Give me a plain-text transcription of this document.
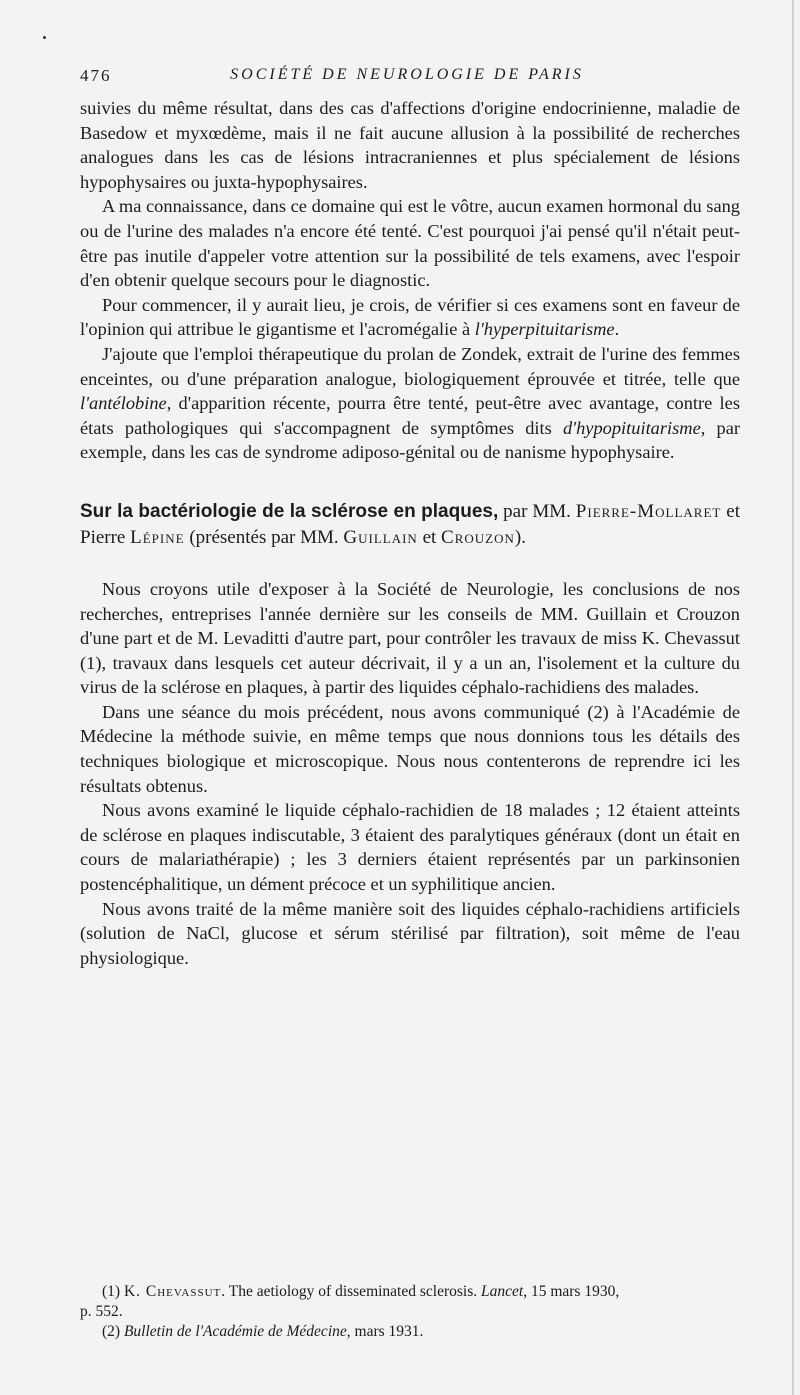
476	SOCIÉTÉ DE NEUROLOGIE DE PARIS

suivies du même résultat, dans des cas d'affections d'origine endocrinienne, maladie de Basedow et myxœdème, mais il ne fait aucune allusion à la possibilité de recherches analogues dans les cas de lésions intracraniennes et plus spécialement de lésions hypophysaires ou juxta-hypophysaires.

A ma connaissance, dans ce domaine qui est le vôtre, aucun examen hormonal du sang ou de l'urine des malades n'a encore été tenté. C'est pourquoi j'ai pensé qu'il n'était peut-être pas inutile d'appeler votre attention sur la possibilité de tels examens, avec l'espoir d'en obtenir quelque secours pour le diagnostic.

Pour commencer, il y aurait lieu, je crois, de vérifier si ces examens sont en faveur de l'opinion qui attribue le gigantisme et l'acromégalie à l'hyperpituitarisme.

J'ajoute que l'emploi thérapeutique du prolan de Zondek, extrait de l'urine des femmes enceintes, ou d'une préparation analogue, biologiquement éprouvée et titrée, telle que l'antélobine, d'apparition récente, pourra être tenté, peut-être avec avantage, contre les états pathologiques qui s'accompagnent de symptômes dits d'hypopituitarisme, par exemple, dans les cas de syndrome adiposo-génital ou de nanisme hypophysaire.

Sur la bactériologie de la sclérose en plaques, par MM. Pierre-Mollaret et Pierre Lépine (présentés par MM. Guillain et Crouzon).

Nous croyons utile d'exposer à la Société de Neurologie, les conclusions de nos recherches, entreprises l'année dernière sur les conseils de MM. Guillain et Crouzon d'une part et de M. Levaditti d'autre part, pour contrôler les travaux de miss K. Chevassut (1), travaux dans lesquels cet auteur décrivait, il y a un an, l'isolement et la culture du virus de la sclérose en plaques, à partir des liquides céphalo-rachidiens des malades.

Dans une séance du mois précédent, nous avons communiqué (2) à l'Académie de Médecine la méthode suivie, en même temps que nous donnions tous les détails des techniques biologique et microscopique. Nous nous contenterons de reprendre ici les résultats obtenus.

Nous avons examiné le liquide céphalo-rachidien de 18 malades ; 12 étaient atteints de sclérose en plaques indiscutable, 3 étaient des paralytiques généraux (dont un était en cours de malariathérapie) ; les 3 derniers étaient représentés par un parkinsonien postencéphalitique, un dément précoce et un syphilitique ancien.

Nous avons traité de la même manière soit des liquides céphalo-rachidiens artificiels (solution de NaCl, glucose et sérum stérilisé par filtration), soit même de l'eau physiologique.

(1) K. Chevassut. The aetiology of disseminated sclerosis. Lancet, 15 mars 1930,

p. 552.

(2) Bulletin de l'Académie de Médecine, mars 1931.
